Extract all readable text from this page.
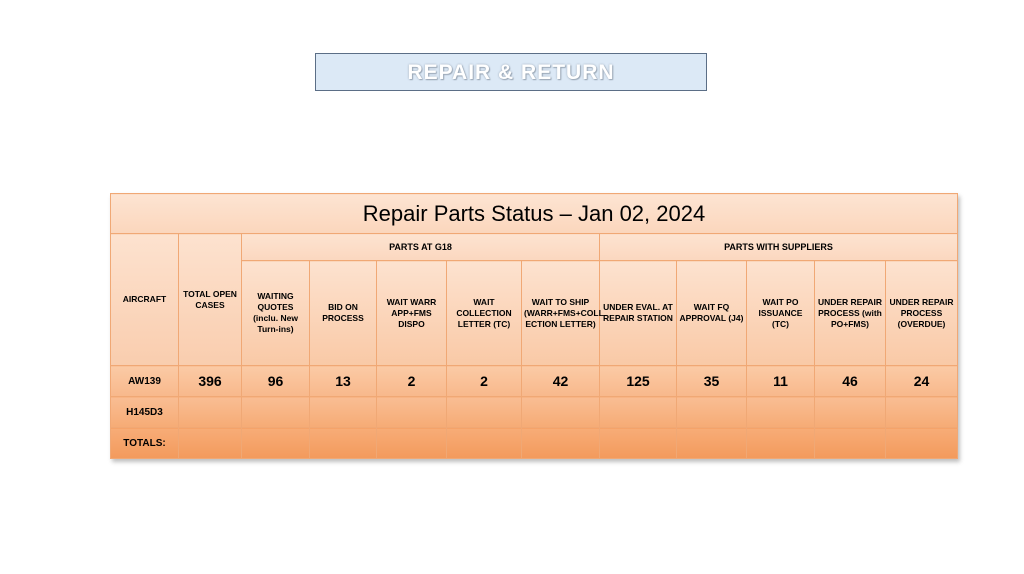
REPAIR & RETURN
Repair Parts Status – Jan 02, 2024											
AIRCRAFT	TOTAL OPEN CASES	PARTS AT G18					PARTS WITH SUPPLIERS				
		WAITING QUOTES (inclu. New Turn-ins)	BID ON PROCESS	WAIT WARR APP+FMS DISPO	WAIT COLLECTION LETTER (TC)	WAIT TO SHIP (WARR+FMS+COLL ECTION LETTER)	UNDER EVAL. AT REPAIR STATION	WAIT FQ APPROVAL (J4)	WAIT PO ISSUANCE (TC)	UNDER REPAIR PROCESS (with PO+FMS)	UNDER REPAIR PROCESS (OVERDUE)
AW139	396	96	13	2	2	42	125	35	11	46	24
H145D3											
TOTALS:											
